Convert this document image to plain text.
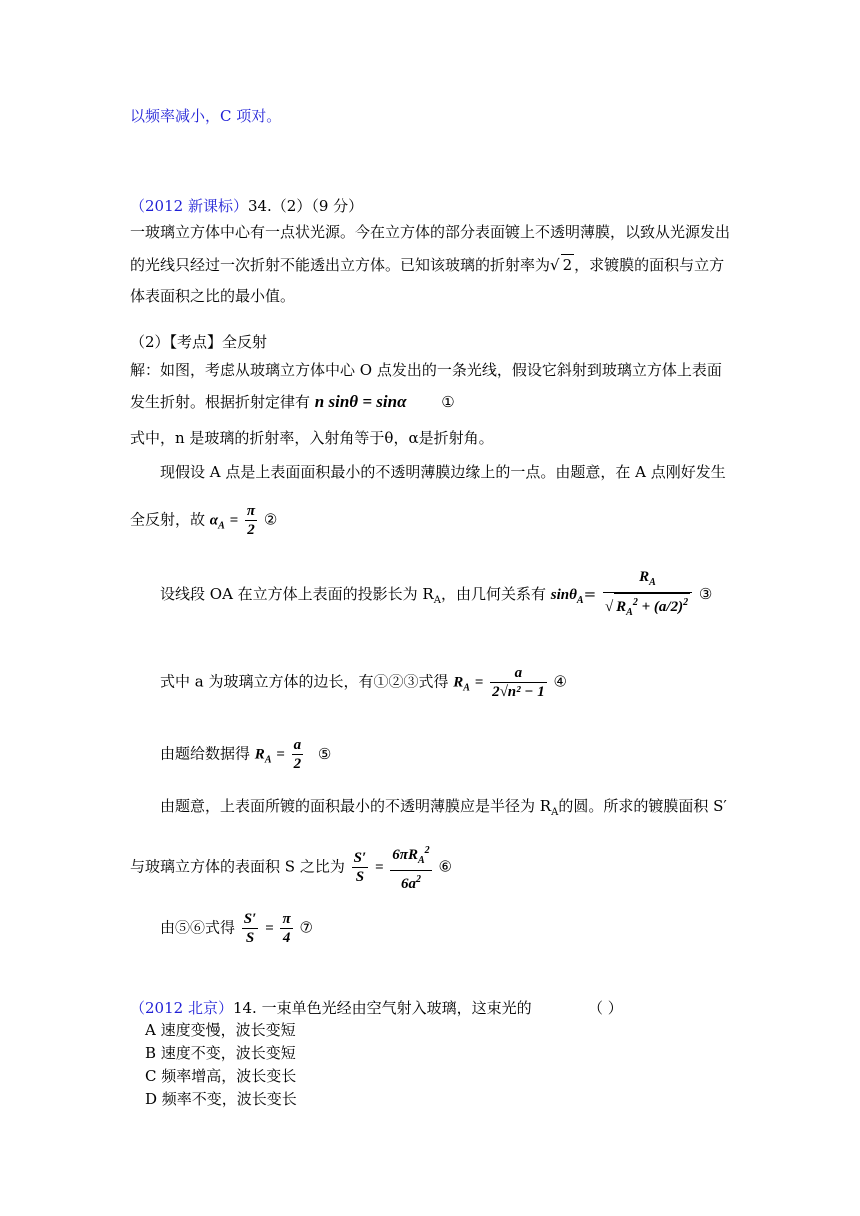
以频率减小，C 项对。
（2012 新课标）34.（2）（9 分）
一玻璃立方体中心有一点状光源。今在立方体的部分表面镀上不透明薄膜，以致从光源发出
的光线只经过一次折射不能透出立方体。已知该玻璃的折射率为√ 2 ，求镀膜的面积与立方
体表面积之比的最小值。
（2）【考点】全反射
解：如图，考虑从玻璃立方体中心 O 点发出的一条光线，假设它斜射到玻璃立方体上表面
发生折射。根据折射定律有 n sinθ = sinα ①
式中，n 是玻璃的折射率，入射角等于θ，α是折射角。
现假设 A 点是上表面面积最小的不透明薄膜边缘上的一点。由题意，在 A 点刚好发生
全反射，故 $\alpha_A = \frac{\pi}{2}$ ②
设线段 OA 在立方体上表面的投影长为 $R_A$，由几何关系有 $\sin\theta_A= \frac{R_A}{√ R_A^2 + (a/2)^2}$ ③
式中 a 为玻璃立方体的边长，有①②③式得 $R_A = \frac{a}{\text{2√n² − 1}}$ ④
由题给数据得 $R_A = \frac{a}{2}$ ⑤
由题意，上表面所镀的面积最小的不透明薄膜应是半径为 $R_A$的圆。所求的镀膜面积 S′
与玻璃立方体的表面积 S 之比为 $\frac{S'}{S} = \frac{6\pi R_A^2}{6a^2}$ ⑥
由⑤⑥式得 $\frac{S'}{S} = \frac{\pi}{4}$ ⑦
（2012 北京）14. 一束单色光经由空气射入玻璃，这束光的	（ ）
A 速度变慢，波长变短
B 速度不变，波长变短
C 频率增高，波长变长
D 频率不变，波长变长
